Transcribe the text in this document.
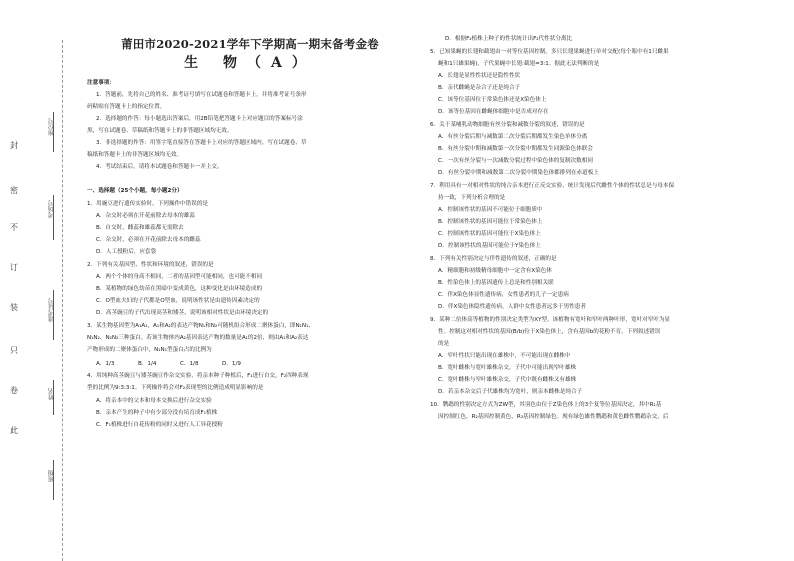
封
密
不
订
装
只
卷
此
座位号
考场号
准考证号
姓名
班级
莆田市2020-2021学年下学期高一期末备考金卷
生 物（A）
注意事项：
1．答题前，先将自己的姓名、准考证号填写在试题卷和答题卡上，并将准考证号条形
码粘贴在答题卡上的指定位置。
2．选择题的作答：每小题选出答案后，用2B铅笔把答题卡上对应题目的答案标号涂
黑，写在试题卷、草稿纸和答题卡上的非答题区域均无效。
3．非选择题的作答：用签字笔直接答在答题卡上对应的答题区域内。写在试题卷、草
稿纸和答题卡上的非答题区域均无效。
4．考试结束后，请将本试题卷和答题卡一并上交。
一、选择题（25个小题，每小题2分）
1．用豌豆进行遗传实验时，下列操作中错误的是
A．杂交时必须在开花前除去母本的雄蕊
B．自交时，雌蕊和雄蕊都无需除去
C．杂交时，必须在开花前除去母本的雌蕊
D．人工授粉后，应套袋
2．下列有关基因型、性状和环境的叙述，错误的是
A．两个个体的身高不相同，二者的基因型可能相同，也可能不相同
B．某植物的绿色幼苗在黑暗中变成黄色，这种变化是由环境造成的
C．O型血夫妇的子代都是O型血，说明该性状是由遗传因素决定的
D．高茎豌豆的子代出现高茎和矮茎，说明该相对性状是由环境决定的
3．某生物基因型为A₁A₂，A₁和A₂的表达产物N₁和N₂可随机组合形成二聚体蛋白，即N₁N₁、
N₁N₂、N₂N₂三种蛋白。若该生物体内A₂基因表达产物的数量是A₁的2倍，则由A₁和A₂表达
产物形成的二聚体蛋白中，N₁N₁型蛋白占的比例为
A．1/3	B．1/4	C．1/8	D．1/9
4．用纯种高茎豌豆与矮茎豌豆作杂交实验，将亲本种子种植后，F₁进行自交，F₂四种表现
型的比例为9:3:3:1。下列操作将会对F₂表现型的比例造成明显影响的是
A．将亲本中的父本和母本交换后进行杂交实验
B．亲本产生的种子中有少部分没有培育成F₁植株
C．F₁植株进行自花传粉的同时又进行人工异花授粉
D．根据F₂植株上种子的性状统计出F₂代性状分离比
5．已知果蝇的长翅和截翅由一对等位基因控制。多只长翅果蝇进行单对交配(每个瓶中有1只雌果
蝇和1只雄果蝇)，子代果蝇中长翅:截翅=3:1。据此无法判断的是
A．长翅是显性性状还是隐性性状
B．亲代雌蝇是杂合子还是纯合子
C．该等位基因位于常染色体还是X染色体上
D．该等位基因在雌蝇体细胞中是否成对存在
6．关于某哺乳动物细胞有丝分裂和减数分裂的叙述，错误的是
A．有丝分裂后期与减数第二次分裂后期都发生染色单体分离
B．有丝分裂中期和减数第一次分裂中期都发生同源染色体联会
C．一次有丝分裂与一次减数分裂过程中染色体的复制次数相同
D．有丝分裂中期和减数第二次分裂中期染色体都排列在赤道板上
7．利用具有一对相对性状的纯合亲本进行正反交实验，统计发现后代雌性个体的性状总是与母本保
持一致，下列分析合理的是
A．控制该性状的基因不可能位于细胞质中
B．控制该性状的基因可能位于常染色体上
C．控制该性状的基因可能位于X染色体上
D．控制该性状的基因可能位于Y染色体上
8．下列有关性别决定与伴性遗传的叙述，正确的是
A．精细胞和初级精母细胞中一定含有X染色体
B．性染色体上的基因遗传上总是和性别相关联
C．伴X染色体显性遗传病，女性患者的儿子一定患病
D．伴X染色体隐性遗传病，人群中女性患者远多于男性患者
9．某种二倍体高等植物的性别决定类型为XY型。该植物有宽叶和窄叶两种叶形，宽叶对窄叶为显
性。控制这对相对性状的基因(B/b)位于X染色体上，含有基因b的花粉不育。下列叙述错误
的是
A．窄叶性状只能出现在雄株中，不可能出现在雌株中
B．宽叶雌株与宽叶雄株杂交，子代中可能出现窄叶雄株
C．宽叶雌株与窄叶雄株杂交，子代中既有雌株又有雄株
D．若亲本杂交后子代雄株均为宽叶，则亲本雌株是纯合子
10．鹦鹉的性别决定方式为ZW型，其羽色由位于Z染色体上的3个复等位基因决定，其中R₁基
因控制红色，R₂基因控制黄色，R₃基因控制绿色。现有绿色雄性鹦鹉和黄色雌性鹦鹉杂交，后
